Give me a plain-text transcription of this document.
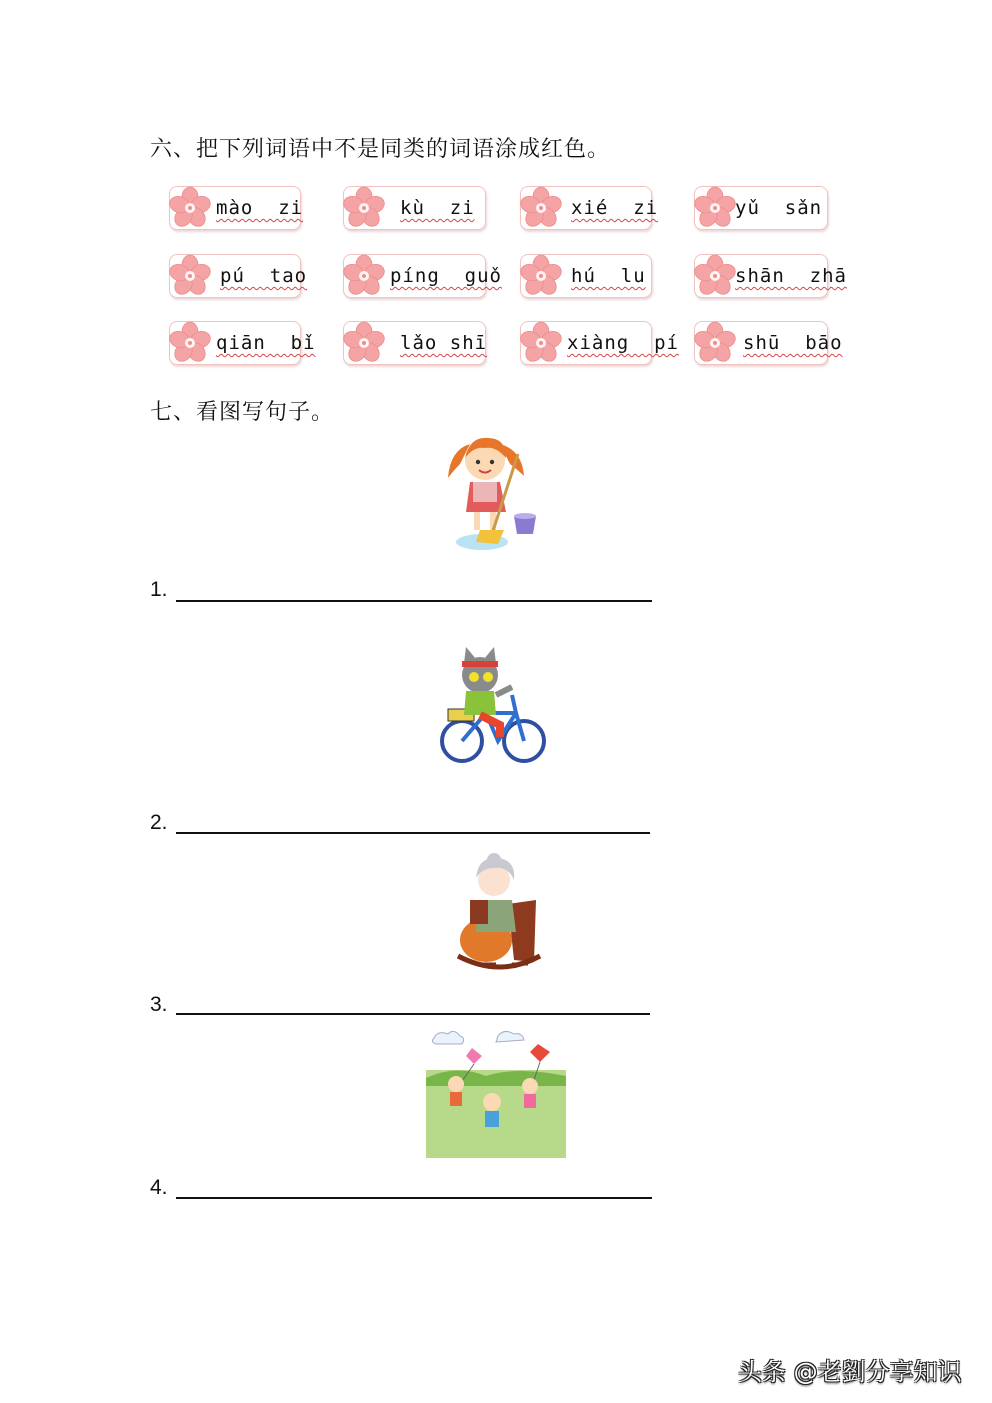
六、把下列词语中不是同类的词语涂成红色。
mào  zi	kù  zi	xié  zi	yǔ  sǎn
pú  tao	píng  guǒ	hú  lu	shān  zhā
qiān  bǐ	lǎo shī	xiàng  pí	shū  bāo
七、看图写句子。
1.
2.
3.
4.
头条 @老劉分享知识
